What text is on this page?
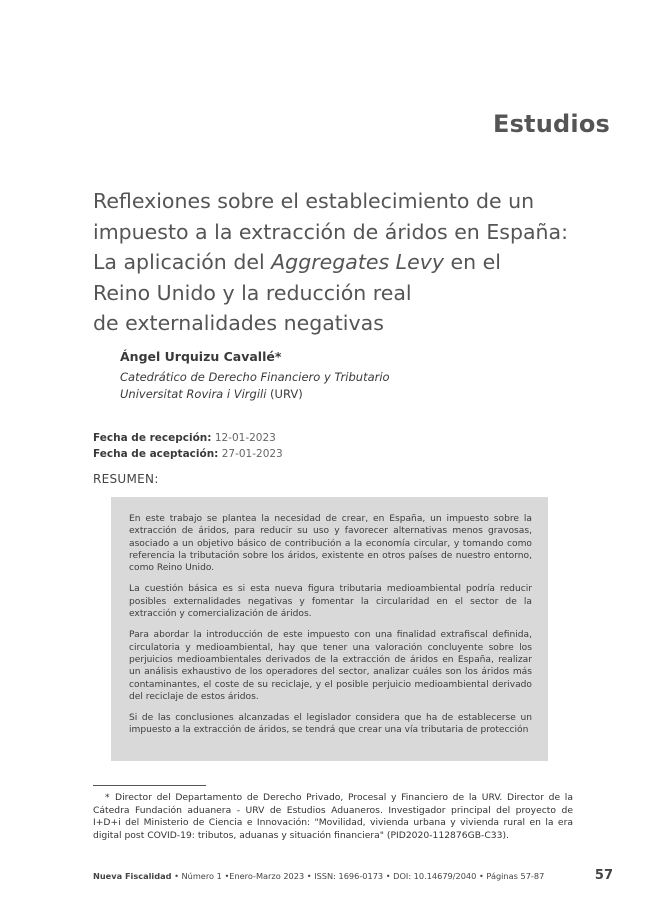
Estudios
Reflexiones sobre el establecimiento de un
impuesto a la extracción de áridos en España:
La aplicación del Aggregates Levy en el
Reino Unido y la reducción real
de externalidades negativas
Ángel Urquizu Cavallé*
Catedrático de Derecho Financiero y Tributario
Universitat Rovira i Virgili (URV)
Fecha de recepción: 12-01-2023
Fecha de aceptación: 27-01-2023
RESUMEN:

En este trabajo se plantea la necesidad de crear, en España, un impuesto sobre la extracción de áridos, para reducir su uso y favorecer alternativas menos gravosas, asociado a un objetivo básico de contribución a la economía circular, y tomando como referencia la tributación sobre los áridos, existente en otros países de nuestro entorno, como Reino Unido.

La cuestión básica es si esta nueva figura tributaria medioambiental podría reducir posibles externalidades negativas y fomentar la circularidad en el sector de la extracción y comercialización de áridos.

Para abordar la introducción de este impuesto con una finalidad extrafiscal definida, circulatoria y medioambiental, hay que tener una valoración concluyente sobre los perjuicios medioambientales derivados de la extracción de áridos en España, realizar un análisis exhaustivo de los operadores del sector, analizar cuáles son los áridos más contaminantes, el coste de su reciclaje, y el posible perjuicio medioambiental derivado del reciclaje de estos áridos.

Si de las conclusiones alcanzadas el legislador considera que ha de establecerse un impuesto a la extracción de áridos, se tendrá que crear una vía tributaria de protección

* Director del Departamento de Derecho Privado, Procesal y Financiero de la URV. Director de la Cátedra Fundación aduanera - URV de Estudios Aduaneros. Investigador principal del proyecto de I+D+i del Ministerio de Ciencia e Innovación: "Movilidad, vivienda urbana y vivienda rural en la era digital post COVID-19: tributos, aduanas y situación financiera" (PID2020-112876GB-C33).

Nueva Fiscalidad • Número 1 •Enero-Marzo 2023 • ISSN: 1696-0173 • DOI: 10.14679/2040 • Páginas 57-87	57
